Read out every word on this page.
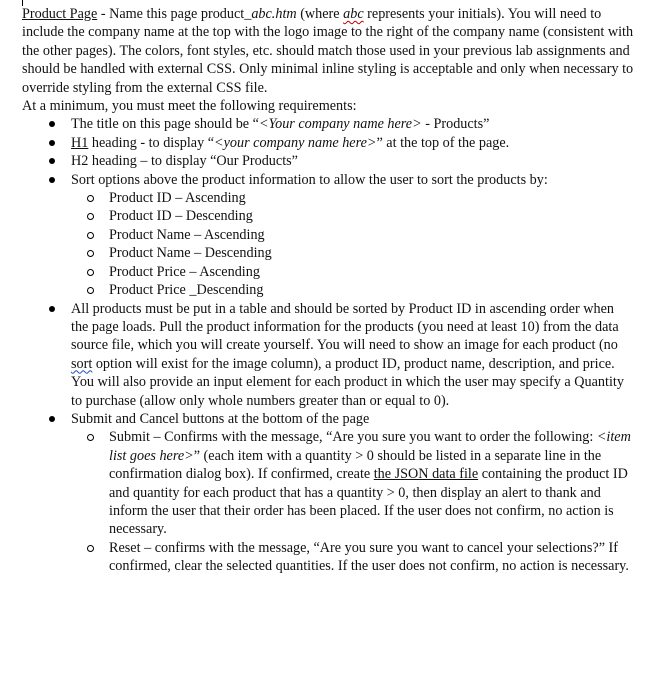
Product Page - Name this page product_abc.htm (where abc represents your initials). You will need to include the company name at the top with the logo image to the right of the company name (consistent with the other pages). The colors, font styles, etc. should match those used in your previous lab assignments and should be handled with external CSS. Only minimal inline styling is acceptable and only when necessary to override styling from the external CSS file.

At a minimum, you must meet the following requirements:

The title on this page should be “<Your company name here> - Products”
H1 heading - to display “<your company name here>” at the top of the page.
H2 heading – to display “Our Products”
Sort options above the product information to allow the user to sort the products by:
Product ID – Ascending
Product ID – Descending
Product Name – Ascending
Product Name – Descending
Product Price – Ascending
Product Price _Descending
All products must be put in a table and should be sorted by Product ID in ascending order when the page loads. Pull the product information for the products (you need at least 10) from the data source file, which you will create yourself. You will need to show an image for each product (no sort option will exist for the image column), a product ID, product name, description, and price. You will also provide an input element for each product in which the user may specify a Quantity to purchase (allow only whole numbers greater than or equal to 0).
Submit and Cancel buttons at the bottom of the page
Submit – Confirms with the message, “Are you sure you want to order the following: <item list goes here>” (each item with a quantity > 0 should be listed in a separate line in the confirmation dialog box). If confirmed, create the JSON data file containing the product ID and quantity for each product that has a quantity > 0, then display an alert to thank and inform the user that their order has been placed. If the user does not confirm, no action is necessary.
Reset – confirms with the message, “Are you sure you want to cancel your selections?” If confirmed, clear the selected quantities. If the user does not confirm, no action is necessary.
